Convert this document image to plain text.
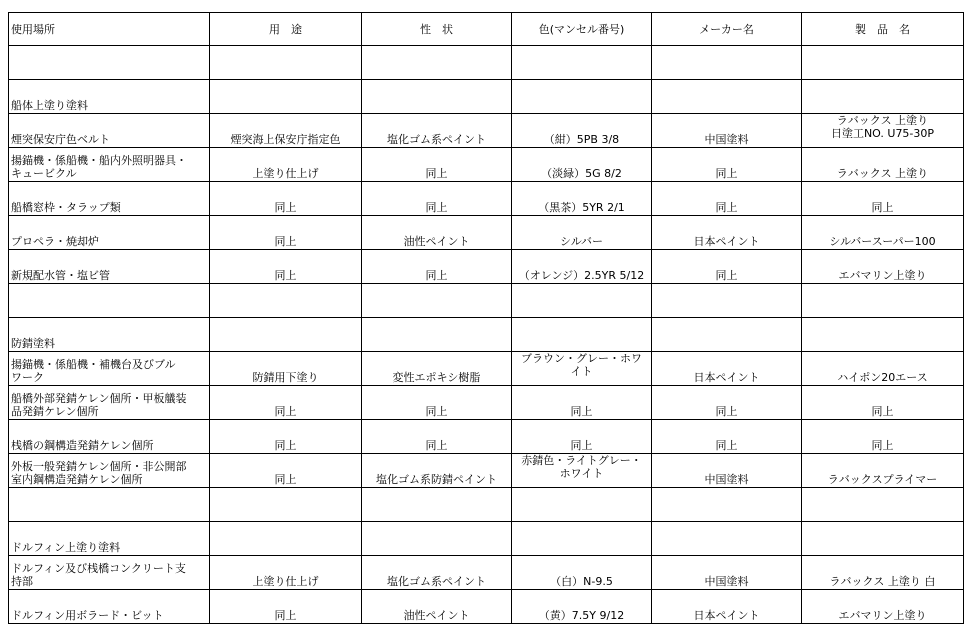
使用場所	用　途	性　状	色(マンセル番号)	メーカー名	製　品　名

船体上塗り塗料					
煙突保安庁色ベルト	煙突海上保安庁指定色	塩化ゴム系ペイント	（紺）5PB 3/8	中国塗料	ラバックス 上塗り
日塗工NO. U75-30P
揚錨機・係船機・船内外照明器具・
キュービクル	上塗り仕上げ	同上	（淡緑）5G 8/2	同上	ラバックス 上塗り
船橋窓枠・タラップ類	同上	同上	（黒茶）5YR 2/1	同上	同上
プロペラ・焼却炉	同上	油性ペイント	シルバー	日本ペイント	シルバースーパー100
新規配水管・塩ビ管	同上	同上	（オレンジ）2.5YR 5/12	同上	エバマリン上塗り

防錆塗料					
揚錨機・係船機・補機台及びブル
ワーク	防錆用下塗り	変性エポキシ樹脂	ブラウン・グレー・ホワ
イト	日本ペイント	ハイポン20エース
船橋外部発錆ケレン個所・甲板艤装
品発錆ケレン個所	同上	同上	同上	同上	同上
桟橋の鋼構造発錆ケレン個所	同上	同上	同上	同上	同上
外板一般発錆ケレン個所・非公開部
室内鋼構造発錆ケレン個所	同上	塩化ゴム系防錆ペイント	赤錆色・ライトグレー・
ホワイト	中国塗料	ラバックスプライマー

ドルフィン上塗り塗料					
ドルフィン及び桟橋コンクリート支
持部	上塗り仕上げ	塩化ゴム系ペイント	（白）N-9.5	中国塗料	ラバックス 上塗り 白
ドルフィン用ボラード・ビット	同上	油性ペイント	（黄）7.5Y 9/12	日本ペイント	エバマリン上塗り
